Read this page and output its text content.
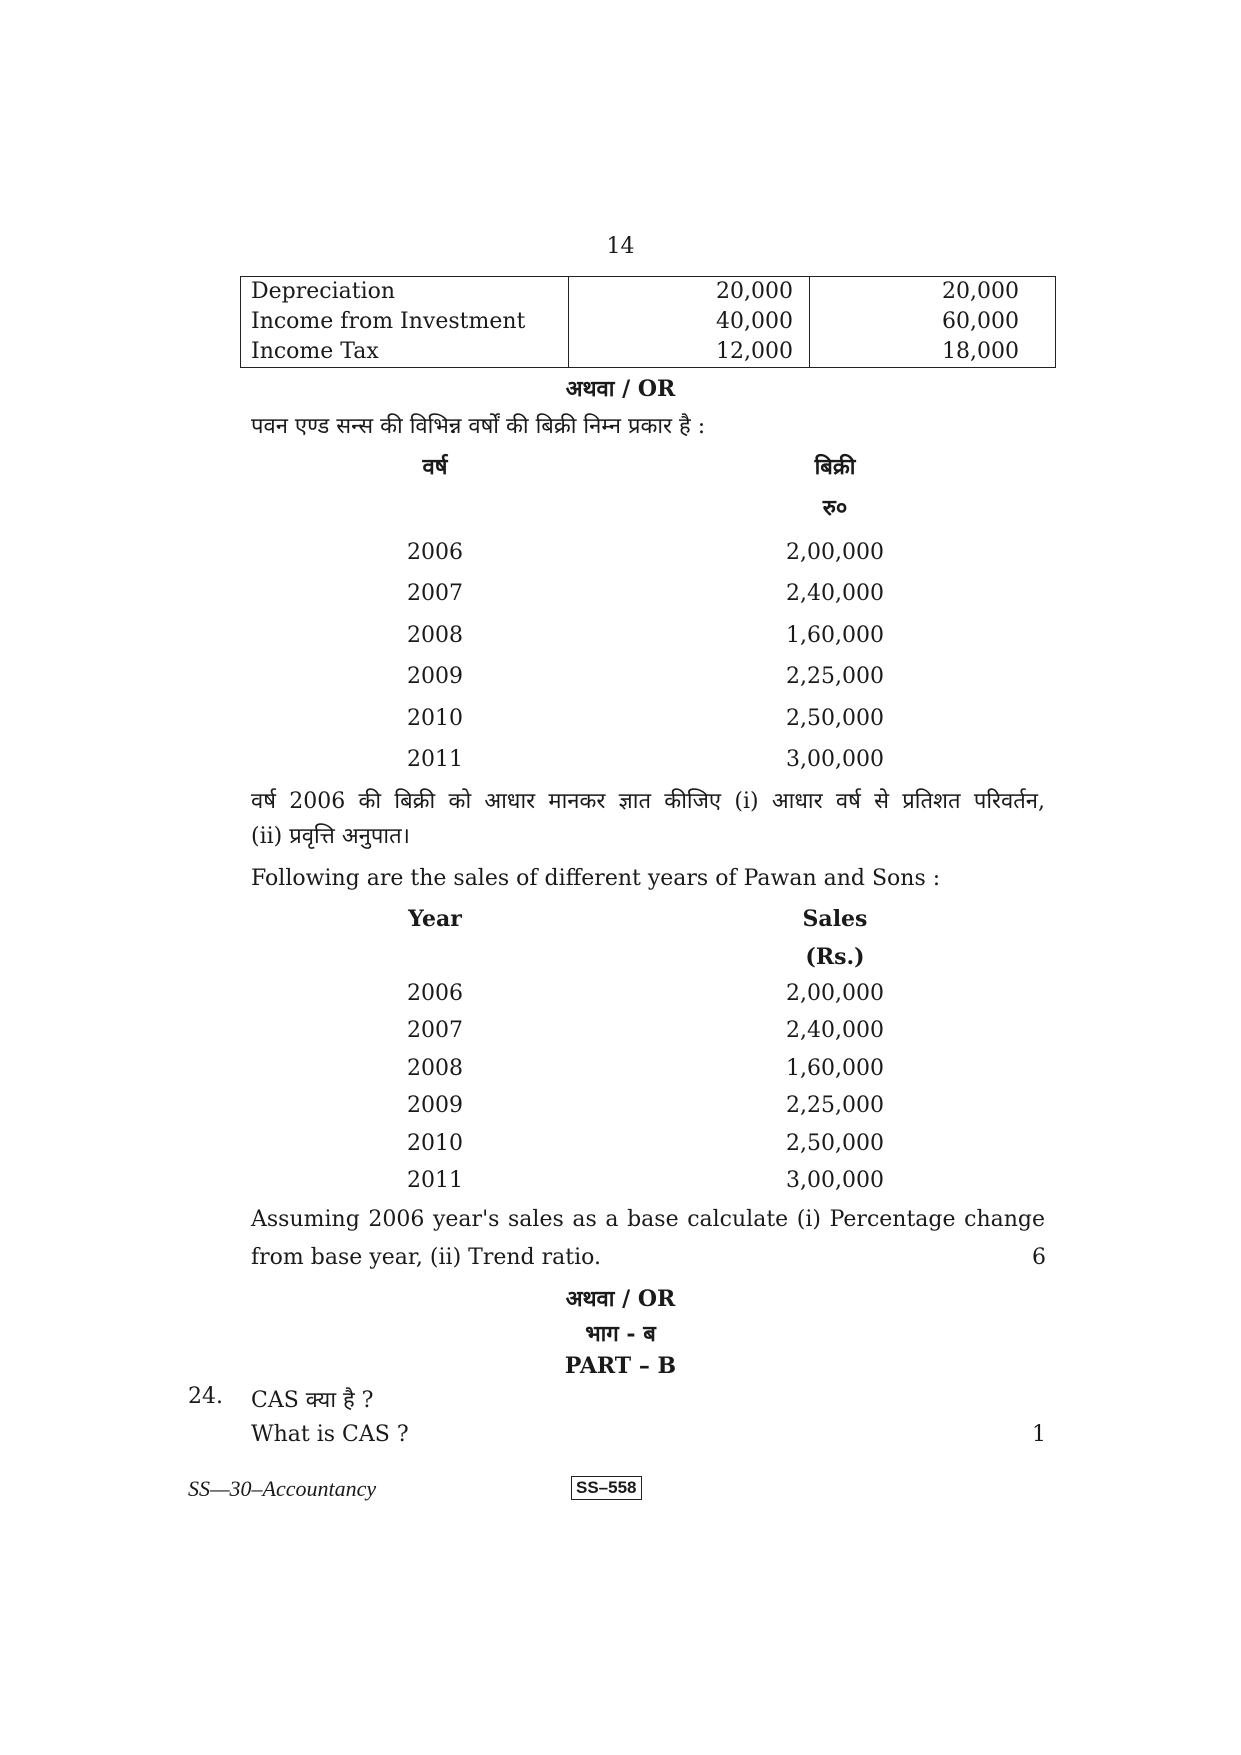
14
Depreciation	20,000	20,000
Income from Investment	40,000	60,000
Income Tax	12,000	18,000
अथवा / OR
पवन एण्ड सन्स की विभिन्न वर्षों की बिक्री निम्न प्रकार है :
वर्ष	बिक्री
रु०
2006	2,00,000
2007	2,40,000
2008	1,60,000
2009	2,25,000
2010	2,50,000
2011	3,00,000
वर्ष 2006 की बिक्री को आधार मानकर ज्ञात कीजिए (i) आधार वर्ष से प्रतिशत परिवर्तन,
(ii) प्रवृत्ति अनुपात।
Following are the sales of different years of Pawan and Sons :
Year	Sales
(Rs.)
2006	2,00,000
2007	2,40,000
2008	1,60,000
2009	2,25,000
2010	2,50,000
2011	3,00,000
Assuming 2006 year's sales as a base calculate (i) Percentage change
from base year, (ii) Trend ratio.	6
अथवा / OR
भाग - ब
PART – B
24. CAS क्या है ?
What is CAS ?	1
SS—30–Accountancy	SS–558
